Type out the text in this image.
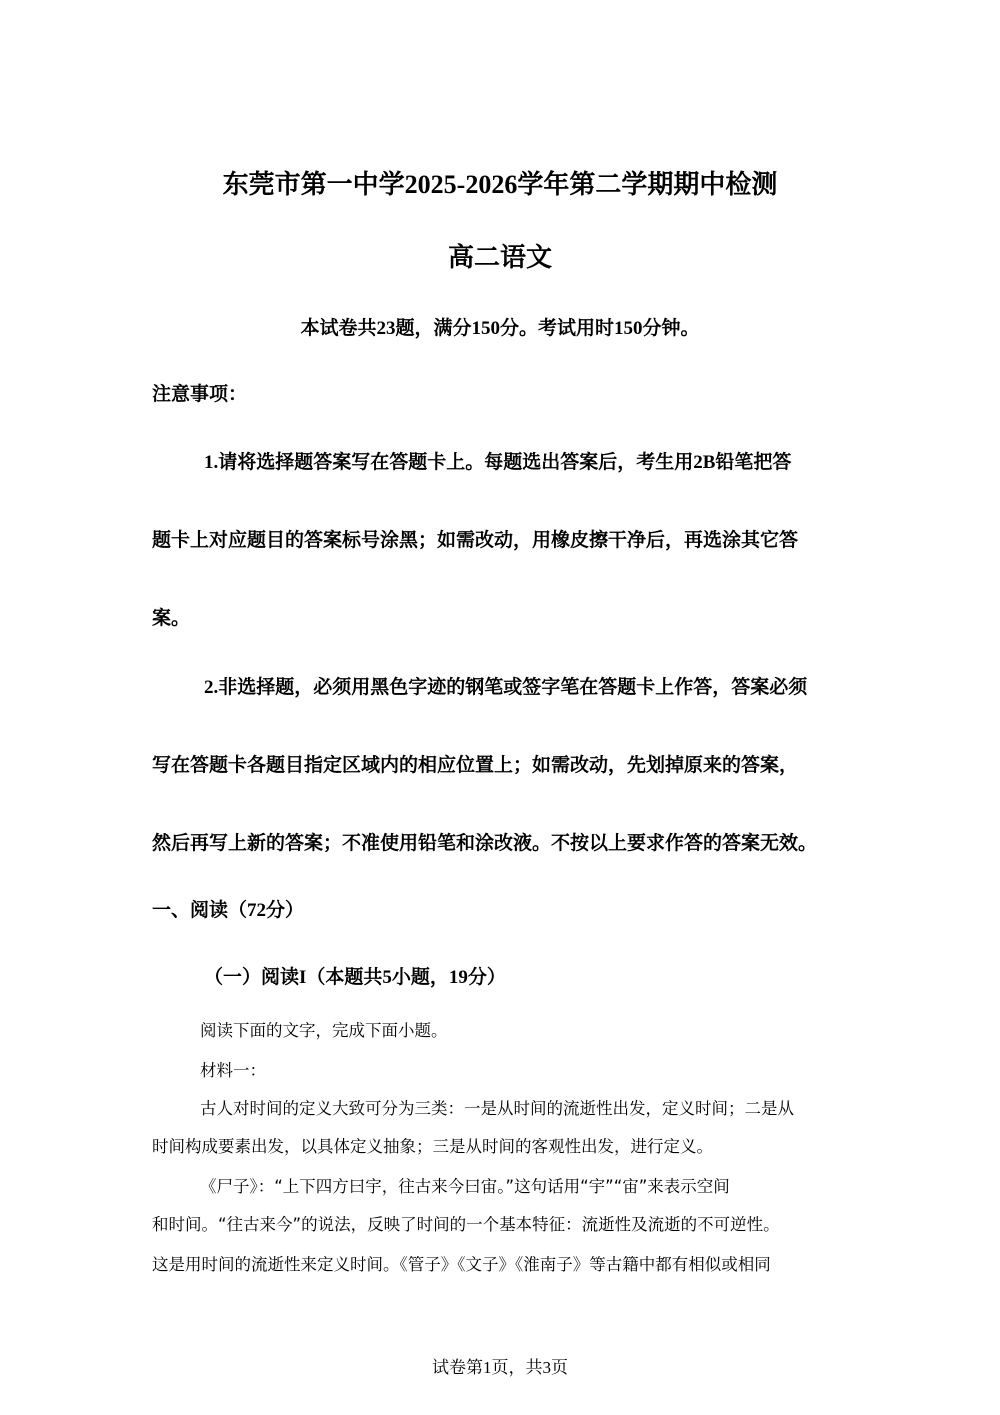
东莞市第一中学2025-2026学年第二学期期中检测
高二语文
本试卷共23题，满分150分。考试用时150分钟。
注意事项：
1.请将选择题答案写在答题卡上。每题选出答案后，考生用2B铅笔把答
题卡上对应题目的答案标号涂黑；如需改动，用橡皮擦干净后，再选涂其它答
案。
2.非选择题，必须用黑色字迹的钢笔或签字笔在答题卡上作答，答案必须
写在答题卡各题目指定区域内的相应位置上；如需改动，先划掉原来的答案，
然后再写上新的答案；不准使用铅笔和涂改液。不按以上要求作答的答案无效。
一、阅读（72分）
（一）阅读I（本题共5小题，19分）
阅读下面的文字，完成下面小题。
材料一：
古人对时间的定义大致可分为三类：一是从时间的流逝性出发，定义时间；二是从
时间构成要素出发，以具体定义抽象；三是从时间的客观性出发，进行定义。
《尸子》：“上下四方曰宇，往古来今曰宙。”这句话用“宇”“宙”来表示空间
和时间。“往古来今”的说法，反映了时间的一个基本特征：流逝性及流逝的不可逆性。
这是用时间的流逝性来定义时间。《管子》《文子》《淮南子》等古籍中都有相似或相同
试卷第1页，共3页
